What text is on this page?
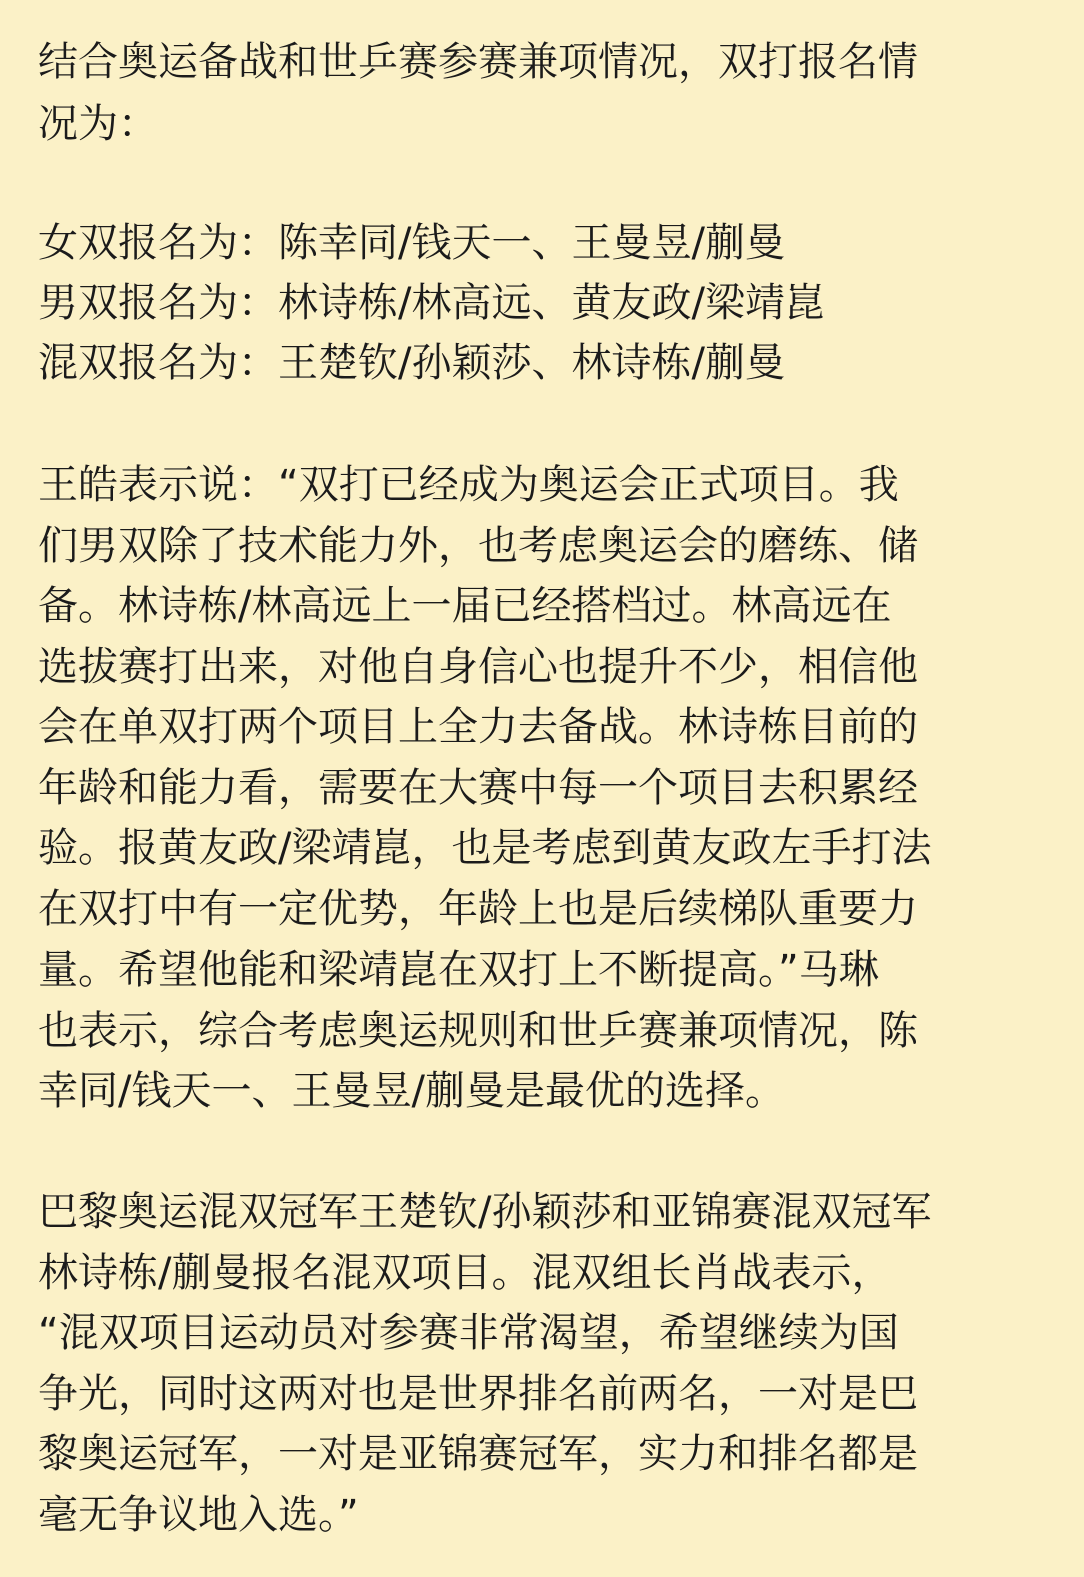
结合奥运备战和世乒赛参赛兼项情况，双打报名情

况为：

女双报名为：陈幸同/钱天一、王曼昱/蒯曼

男双报名为：林诗栋/林高远、黄友政/梁靖崑

混双报名为：王楚钦/孙颖莎、林诗栋/蒯曼

王皓表示说：“双打已经成为奥运会正式项目。我

们男双除了技术能力外，也考虑奥运会的磨练、储

备。林诗栋/林高远上一届已经搭档过。林高远在

选拔赛打出来，对他自身信心也提升不少，相信他

会在单双打两个项目上全力去备战。林诗栋目前的

年龄和能力看，需要在大赛中每一个项目去积累经

验。报黄友政/梁靖崑，也是考虑到黄友政左手打法

在双打中有一定优势，年龄上也是后续梯队重要力

量。希望他能和梁靖崑在双打上不断提高。”马琳

也表示，综合考虑奥运规则和世乒赛兼项情况，陈

幸同/钱天一、王曼昱/蒯曼是最优的选择。

巴黎奥运混双冠军王楚钦/孙颖莎和亚锦赛混双冠军

林诗栋/蒯曼报名混双项目。混双组长肖战表示，

“混双项目运动员对参赛非常渴望，希望继续为国

争光，同时这两对也是世界排名前两名，一对是巴

黎奥运冠军，一对是亚锦赛冠军，实力和排名都是

毫无争议地入选。”
